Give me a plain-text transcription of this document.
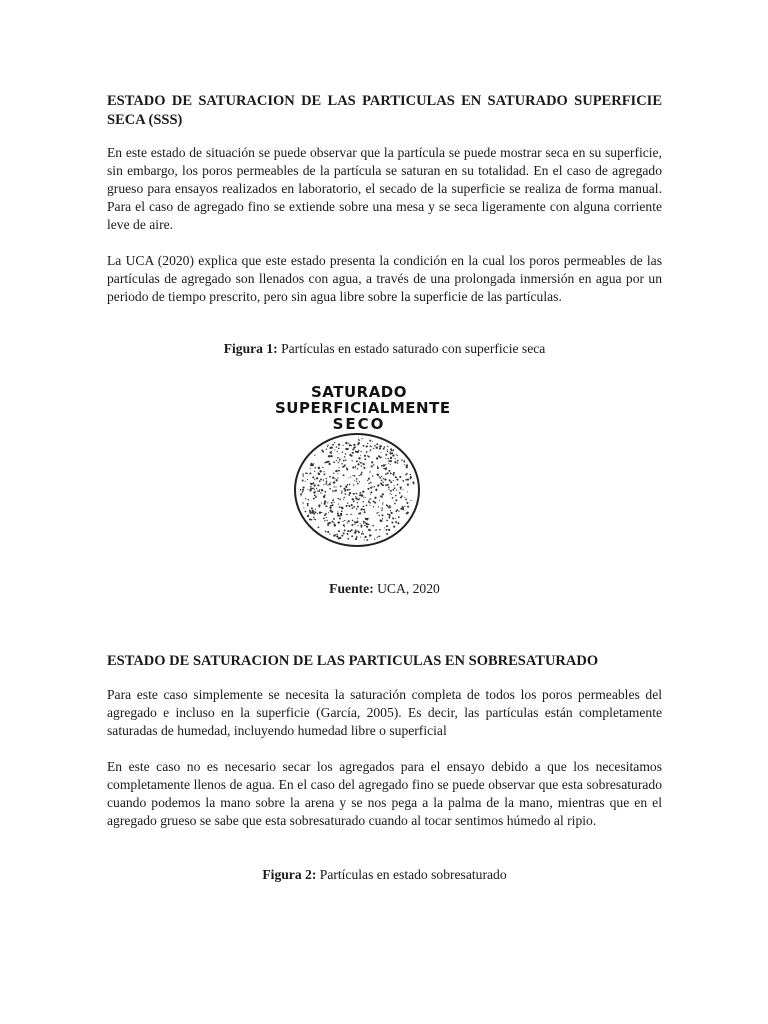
ESTADO DE SATURACION DE LAS PARTICULAS EN SATURADO SUPERFICIE SECA (SSS)

En este estado de situación se puede observar que la partícula se puede mostrar seca en su superficie, sin embargo, los poros permeables de la partícula se saturan en su totalidad. En el caso de agregado grueso para ensayos realizados en laboratorio, el secado de la superficie se realiza de forma manual. Para el caso de agregado fino se extiende sobre una mesa y se seca ligeramente con alguna corriente leve de aire.

La UCA (2020) explica que este estado presenta la condición en la cual los poros permeables de las partículas de agregado son llenados con agua, a través de una prolongada inmersión en agua por un periodo de tiempo prescrito, pero sin agua libre sobre la superficie de las partículas.

Figura 1: Partículas en estado saturado con superficie seca

SATURADO
SUPERFICIALMENTE
SECO

Fuente: UCA, 2020

ESTADO DE SATURACION DE LAS PARTICULAS EN SOBRESATURADO

Para este caso simplemente se necesita la saturación completa de todos los poros permeables del agregado e incluso en la superficie (García, 2005). Es decir, las partículas están completamente saturadas de humedad, incluyendo humedad libre o superficial

En este caso no es necesario secar los agregados para el ensayo debido a que los necesitamos completamente llenos de agua. En el caso del agregado fino se puede observar que esta sobresaturado cuando podemos la mano sobre la arena y se nos pega a la palma de la mano, mientras que en el agregado grueso se sabe que esta sobresaturado cuando al tocar sentimos húmedo al ripio.

Figura 2: Partículas en estado sobresaturado
